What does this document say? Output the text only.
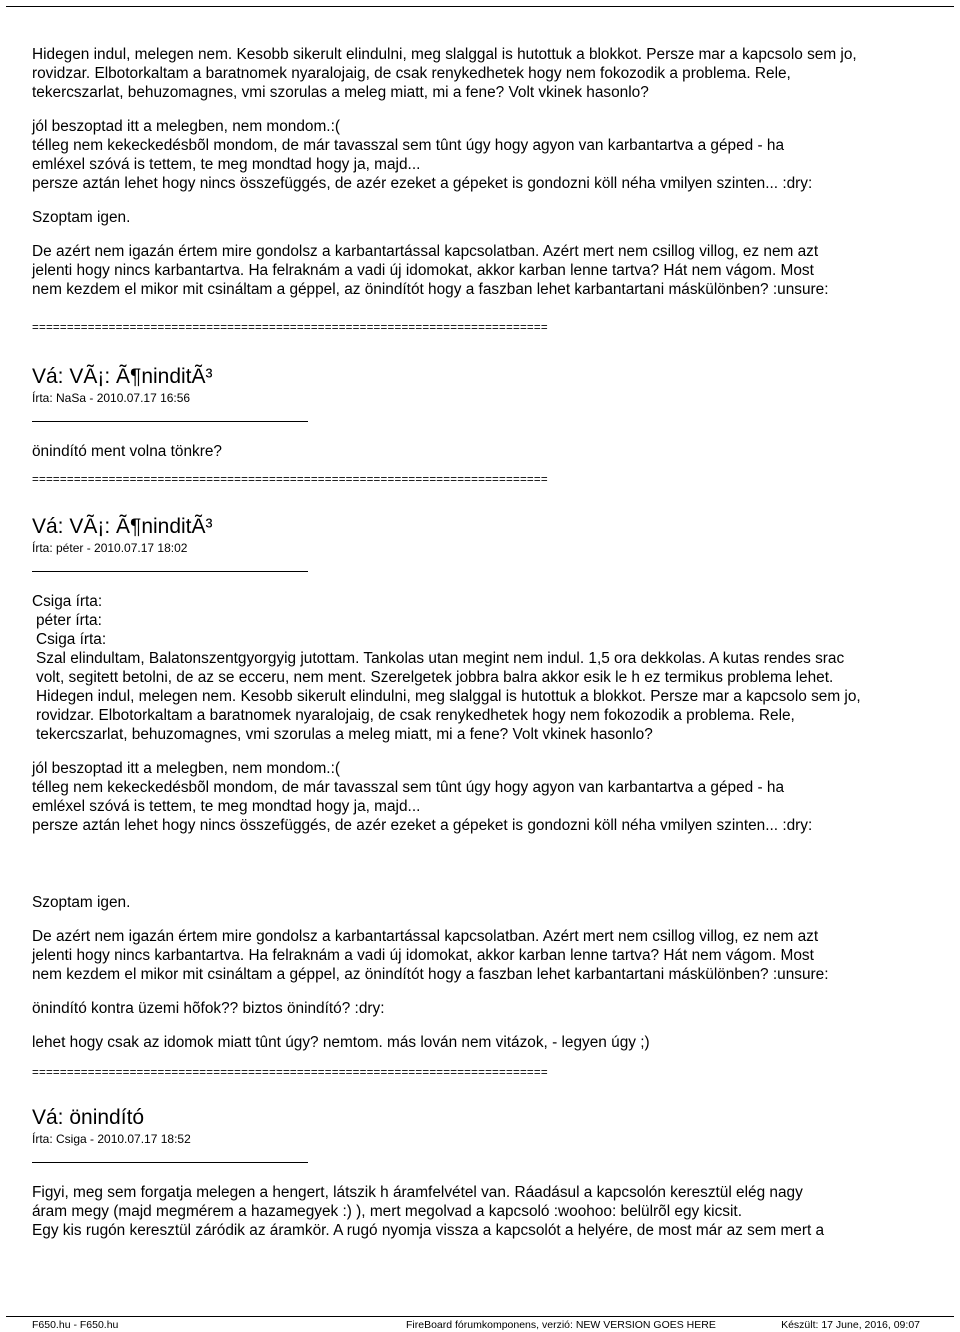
Hidegen indul, melegen nem. Kesobb sikerult elindulni, meg slalggal is hutottuk a blokkot. Persze mar a kapcsolo sem jo,

rovidzar. Elbotorkaltam a baratnomek nyaralojaig, de csak renykedhetek hogy nem fokozodik a problema. Rele,

tekercszarlat, behuzomagnes, vmi szorulas a meleg miatt, mi a fene? Volt vkinek hasonlo?

jól beszoptad itt a melegben, nem mondom.:(

télleg nem kekeckedésbõl mondom, de már tavasszal sem tûnt úgy hogy agyon van karbantartva a géped - ha

emléxel szóvá is tettem, te meg mondtad hogy ja, majd...

persze aztán lehet hogy nincs összefüggés, de azér ezeket a gépeket is gondozni köll néha vmilyen szinten... :dry:

Szoptam igen.

De azért nem igazán értem mire gondolsz a karbantartással kapcsolatban. Azért mert nem csillog villog, ez nem azt

jelenti hogy nincs karbantartva. Ha felraknám a vadi új idomokat, akkor karban lenne tartva? Hát nem vágom. Most

nem kezdem el mikor mit csináltam a géppel, az önindítót hogy a faszban lehet karbantartani máskülönben? :unsure:

==========================================================================
Vá: VÃ¡: Ã¶ninditÃ³
Írta: NaSa - 2010.07.17 16:56

önindító ment volna tönkre?

==========================================================================
Vá: VÃ¡: Ã¶ninditÃ³
Írta: péter - 2010.07.17 18:02

Csiga írta:

péter írta:

Csiga írta:

Szal elindultam, Balatonszentgyorgyig jutottam. Tankolas utan megint nem indul. 1,5 ora dekkolas. A kutas rendes srac

volt, segitett betolni, de az se ecceru, nem ment. Szerelgetek jobbra balra akkor esik le h ez termikus problema lehet.

Hidegen indul, melegen nem. Kesobb sikerult elindulni, meg slalggal is hutottuk a blokkot. Persze mar a kapcsolo sem jo,

rovidzar. Elbotorkaltam a baratnomek nyaralojaig, de csak renykedhetek hogy nem fokozodik a problema. Rele,

tekercszarlat, behuzomagnes, vmi szorulas a meleg miatt, mi a fene? Volt vkinek hasonlo?

jól beszoptad itt a melegben, nem mondom.:(

télleg nem kekeckedésbõl mondom, de már tavasszal sem tûnt úgy hogy agyon van karbantartva a géped - ha

emléxel szóvá is tettem, te meg mondtad hogy ja, majd...

persze aztán lehet hogy nincs összefüggés, de azér ezeket a gépeket is gondozni köll néha vmilyen szinten... :dry:

Szoptam igen.

De azért nem igazán értem mire gondolsz a karbantartással kapcsolatban. Azért mert nem csillog villog, ez nem azt

jelenti hogy nincs karbantartva. Ha felraknám a vadi új idomokat, akkor karban lenne tartva? Hát nem vágom. Most

nem kezdem el mikor mit csináltam a géppel, az önindítót hogy a faszban lehet karbantartani máskülönben? :unsure:

önindító kontra üzemi hõfok?? biztos önindító? :dry:

lehet hogy csak az idomok miatt tûnt úgy? nemtom. más lován nem vitázok, - legyen úgy ;)

==========================================================================
Vá: önindító
Írta: Csiga - 2010.07.17 18:52

Figyi, meg sem forgatja melegen a hengert, látszik h áramfelvétel van. Ráadásul a kapcsolón keresztül elég nagy

áram megy (majd megmérem a hazamegyek :) ), mert megolvad a kapcsoló :woohoo: belülrõl egy kicsit.

Egy kis rugón keresztül záródik az áramkör. A rugó nyomja vissza a kapcsolót a helyére, de most már az sem mert a

F650.hu - F650.hu	FireBoard fórumkomponens, verzió: NEW VERSION GOES HERE	Készült: 17 June, 2016, 09:07
